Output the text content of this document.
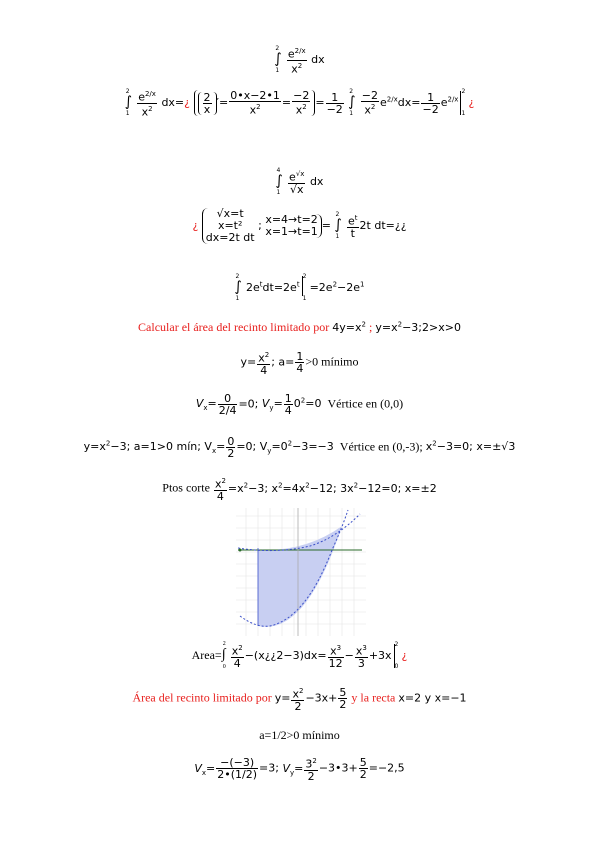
2
∫
1
$\frac{e^{2/x}}{x^2}$ dx
2
∫
1
$\frac{e^{2/x}}{x^2}$ dx=¿ $\frac{2}{x}$ ′= $\frac{0•x-2•1}{x^2} = \frac{-2}{x^2} = \frac{1}{-2}$
2
∫
1
$\frac{-2}{x^2} e^{2/x}dx= \frac{1}{-2} e^{2/x}$
2
1
¿
4
∫
1
$\frac{e^{√x}}{√x}$ dx
¿ √x=t
x=t²
dx=2t dt ; x=4→t=2
x=1→t=1 =
2
∫
1
$\frac{e^t}{t} 2t$ dt=¿¿
2
∫
1
$2e^tdt=2e^t$
2
1
$=2e^2-2e^1$
Calcular el área del recinto limitado por $4y=x^2$ ; $y=x^2-3;2>x>0$
$y= \frac{x^2}{4}$ ; $a= \frac{1}{4} >0$ mínimo
$V_x= \frac{0}{2/4} =0$; $V_y= \frac{1}{4} 0^2=0$ Vértice en (0,0)
$y=x^2-3$; a=1>0 mín; $V_x= \frac{0}{2} =0$; $V_y=0^2-3=-3$ Vértice en (0,-3); $x^2-3=0$; x=±√3
Ptos corte $\frac{x^2}{4} =x^2-3$; $x^2=4x^2-12$; $3x^2-12=0$; x=±2
Area=
2
∫
$0 \frac{x^2}{4}$ −(x¿¿2−3)dx= $\frac{x^3}{12} - \frac{x^3}{3} +3x$
2
0
¿
Área del recinto limitado por $y= \frac{x^2}{2} -3x+ \frac{5}{2}$ y la recta x=2 y x=−1
a=1/2>0 mínimo
$V_x= \frac{-(-3)}{2•(1/2)} =3$; $V_y= \frac{3^2}{2}$ −3•3+ $\frac{5}{2} =-2,5$
